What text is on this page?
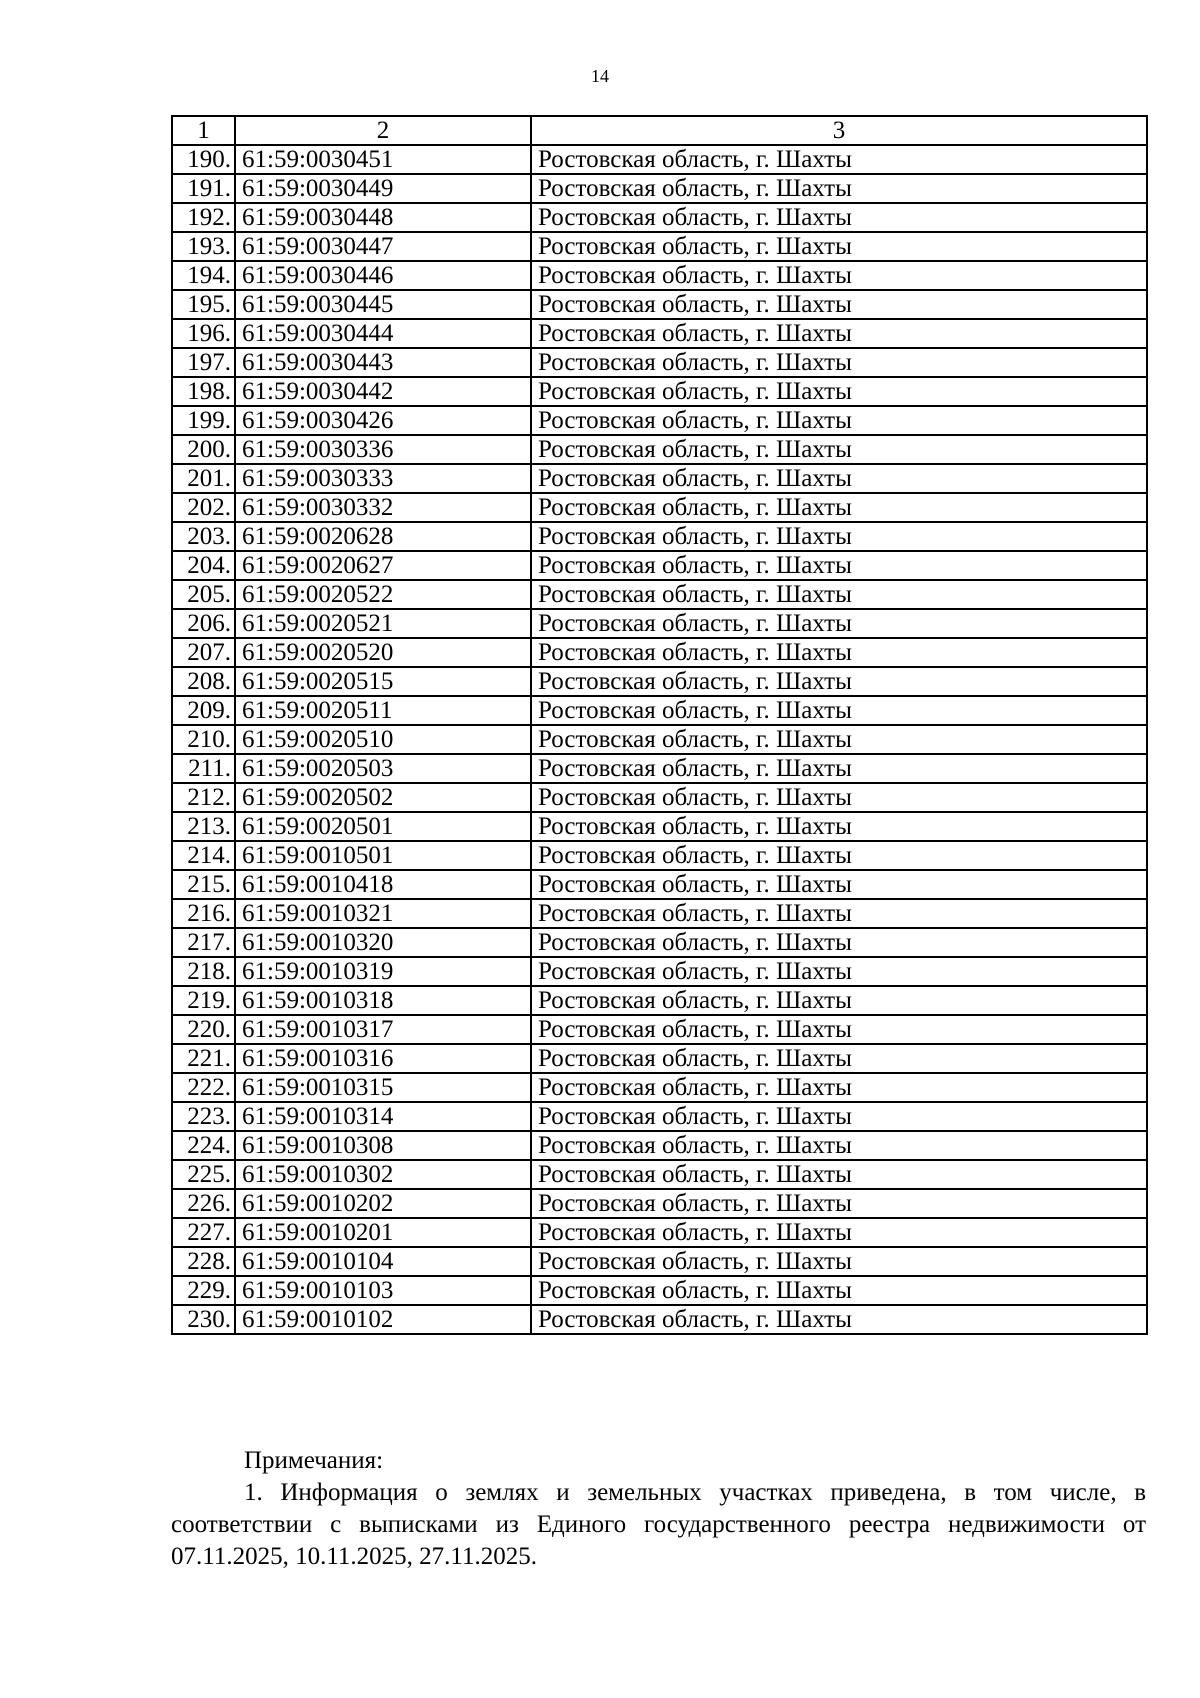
14
1	2	3
190.	61:59:0030451	Ростовская область, г. Шахты
191.	61:59:0030449	Ростовская область, г. Шахты
192.	61:59:0030448	Ростовская область, г. Шахты
193.	61:59:0030447	Ростовская область, г. Шахты
194.	61:59:0030446	Ростовская область, г. Шахты
195.	61:59:0030445	Ростовская область, г. Шахты
196.	61:59:0030444	Ростовская область, г. Шахты
197.	61:59:0030443	Ростовская область, г. Шахты
198.	61:59:0030442	Ростовская область, г. Шахты
199.	61:59:0030426	Ростовская область, г. Шахты
200.	61:59:0030336	Ростовская область, г. Шахты
201.	61:59:0030333	Ростовская область, г. Шахты
202.	61:59:0030332	Ростовская область, г. Шахты
203.	61:59:0020628	Ростовская область, г. Шахты
204.	61:59:0020627	Ростовская область, г. Шахты
205.	61:59:0020522	Ростовская область, г. Шахты
206.	61:59:0020521	Ростовская область, г. Шахты
207.	61:59:0020520	Ростовская область, г. Шахты
208.	61:59:0020515	Ростовская область, г. Шахты
209.	61:59:0020511	Ростовская область, г. Шахты
210.	61:59:0020510	Ростовская область, г. Шахты
211.	61:59:0020503	Ростовская область, г. Шахты
212.	61:59:0020502	Ростовская область, г. Шахты
213.	61:59:0020501	Ростовская область, г. Шахты
214.	61:59:0010501	Ростовская область, г. Шахты
215.	61:59:0010418	Ростовская область, г. Шахты
216.	61:59:0010321	Ростовская область, г. Шахты
217.	61:59:0010320	Ростовская область, г. Шахты
218.	61:59:0010319	Ростовская область, г. Шахты
219.	61:59:0010318	Ростовская область, г. Шахты
220.	61:59:0010317	Ростовская область, г. Шахты
221.	61:59:0010316	Ростовская область, г. Шахты
222.	61:59:0010315	Ростовская область, г. Шахты
223.	61:59:0010314	Ростовская область, г. Шахты
224.	61:59:0010308	Ростовская область, г. Шахты
225.	61:59:0010302	Ростовская область, г. Шахты
226.	61:59:0010202	Ростовская область, г. Шахты
227.	61:59:0010201	Ростовская область, г. Шахты
228.	61:59:0010104	Ростовская область, г. Шахты
229.	61:59:0010103	Ростовская область, г. Шахты
230.	61:59:0010102	Ростовская область, г. Шахты
Примечания:
1. Информация о землях и земельных участках приведена, в том числе, в соответствии с выписками из Единого государственного реестра недвижимости от 07.11.2025, 10.11.2025, 27.11.2025.
